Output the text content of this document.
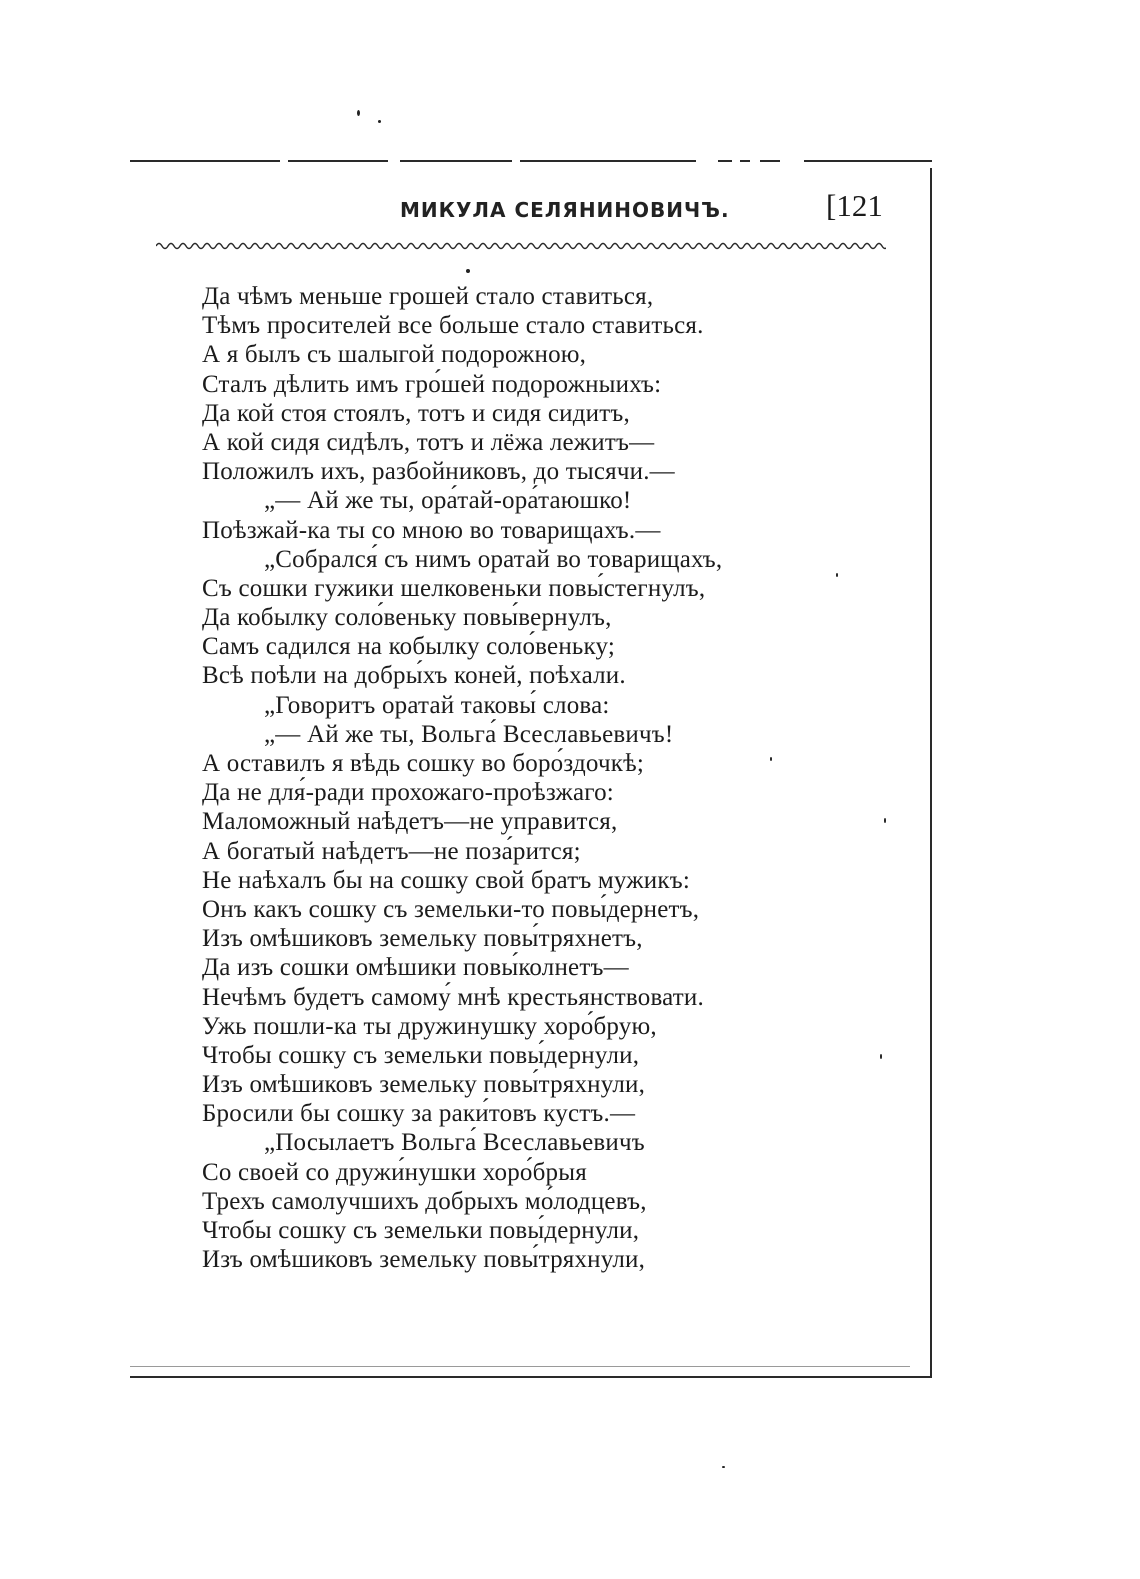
МИКУЛА СЕЛЯНИНОВИЧЪ.	[121
Да чѣмъ меньше грошей стало ставиться,
Тѣмъ просителей все больше стало ставиться.
А я былъ съ шалыгой подорожною,
Сталъ дѣлить имъ гро́шей подорожныихъ:
Да кой стоя стоялъ, тотъ и сидя сидитъ,
А кой сидя сидѣлъ, тотъ и лёжа лежитъ—
Положилъ ихъ, разбойниковъ, до тысячи.—
„— Ай же ты, ора́тай-ора́таюшко!
Поѣзжай-ка ты со мною во товарищахъ.—
„Собрался́ съ нимъ оратай во товарищахъ,
Съ сошки гужики шелковеньки повы́стегнулъ,
Да кобылку соло́веньку повы́вернулъ,
Самъ садился на кобылку соло́веньку;
Всѣ поѣли на добры́хъ коней, поѣхали.
„Говоритъ оратай таковы́ слова:
„— Ай же ты, Вольга́ Всеславьевичъ!
А оставилъ я вѣдь сошку во боро́здочкѣ;
Да не для́-ради прохожаго-проѣзжаго:
Маломожный наѣдетъ—не управится,
А богатый наѣдетъ—не поза́рится;
Не наѣхалъ бы на сошку свой братъ мужикъ:
Онъ какъ сошку съ земельки-то повы́дернетъ,
Изъ омѣшиковъ земельку повы́тряхнетъ,
Да изъ сошки омѣшики повы́колнетъ—
Нечѣмъ будетъ самому́ мнѣ крестьянствовати.
Ужь пошли-ка ты дружинушку хоро́брую,
Чтобы сошку съ земельки повы́дернули,
Изъ омѣшиковъ земельку повы́тряхнули,
Бросили бы сошку за раки́товъ кустъ.—
„Посылаетъ Вольга́ Всеславьевичъ
Со своей со дружи́нушки хоро́брыя
Трехъ самолучшихъ добрыхъ мо́лодцевъ,
Чтобы сошку съ земельки повы́дернули,
Изъ омѣшиковъ земельку повы́тряхнули,
